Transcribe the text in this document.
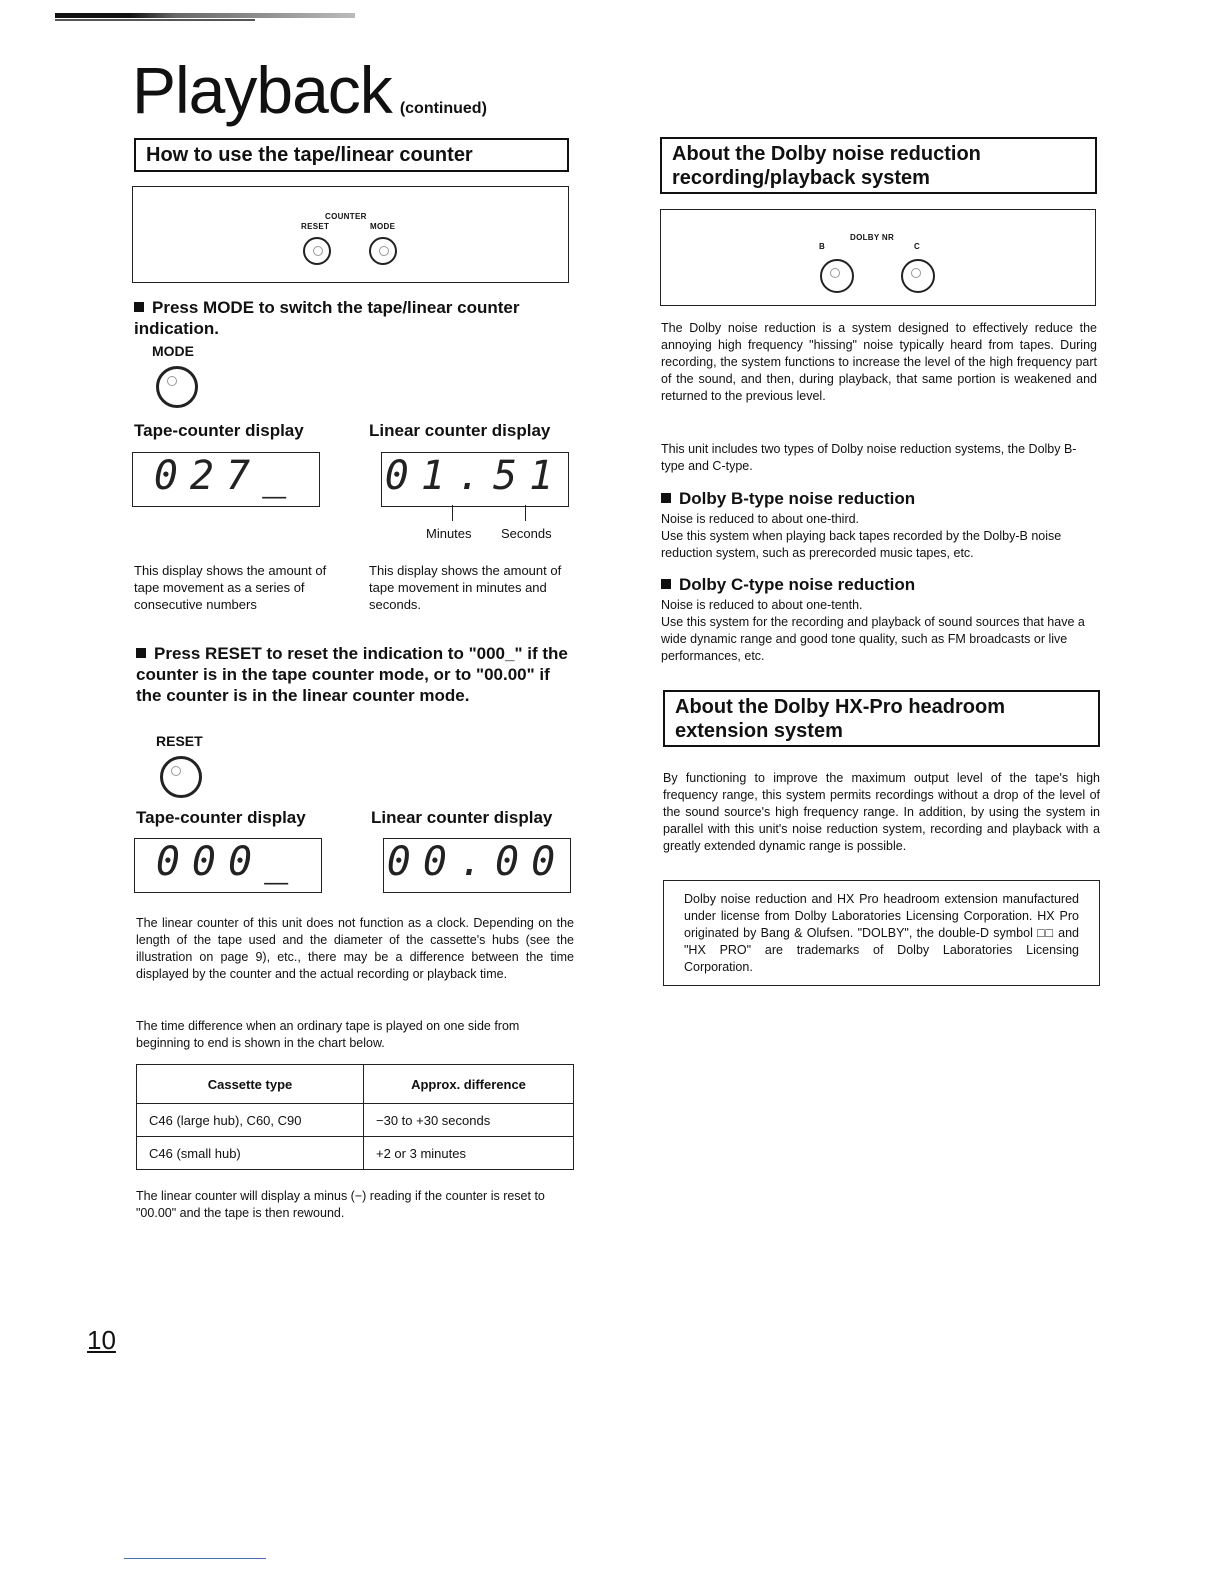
Playback (continued)
How to use the tape/linear counter
COUNTER
RESET	MODE
Press MODE to switch the tape/linear counter indication.
MODE
Tape-counter display	Linear counter display
027_	01.51
Minutes Seconds
This display shows the amount of tape movement as a series of consecutive numbers
This display shows the amount of tape movement in minutes and seconds.
Press RESET to reset the indication to "000_" if the counter is in the tape counter mode, or to "00.00" if the counter is in the linear counter mode.
RESET
Tape-counter display	Linear counter display
000_	00.00
The linear counter of this unit does not function as a clock. Depending on the length of the tape used and the diameter of the cassette's hubs (see the illustration on page 9), etc., there may be a difference between the time displayed by the counter and the actual recording or playback time.
The time difference when an ordinary tape is played on one side from beginning to end is shown in the chart below.
Cassette type	Approx. difference
C46 (large hub), C60, C90	−30 to +30 seconds
C46 (small hub)	+2 or 3 minutes
The linear counter will display a minus (−) reading if the counter is reset to "00.00" and the tape is then rewound.
10
About the Dolby noise reduction recording/playback system
DOLBY NR
B	C
The Dolby noise reduction is a system designed to effectively reduce the annoying high frequency "hissing" noise typically heard from tapes. During recording, the system functions to increase the level of the high frequency part of the sound, and then, during playback, that same portion is weakened and returned to the previous level.
This unit includes two types of Dolby noise reduction systems, the Dolby B-type and C-type.
Dolby B-type noise reduction
Noise is reduced to about one-third.
Use this system when playing back tapes recorded by the Dolby-B noise reduction system, such as prerecorded music tapes, etc.
Dolby C-type noise reduction
Noise is reduced to about one-tenth.
Use this system for the recording and playback of sound sources that have a wide dynamic range and good tone quality, such as FM broadcasts or live performances, etc.
About the Dolby HX-Pro headroom extension system
By functioning to improve the maximum output level of the tape's high frequency range, this system permits recordings without a drop of the level of the sound source's high frequency range. In addition, by using the system in parallel with this unit's noise reduction system, recording and playback with a greatly extended dynamic range is possible.
Dolby noise reduction and HX Pro headroom extension manufactured under license from Dolby Laboratories Licensing Corporation. HX Pro originated by Bang & Olufsen. "DOLBY", the double-D symbol □□ and "HX PRO" are trademarks of Dolby Laboratories Licensing Corporation.
